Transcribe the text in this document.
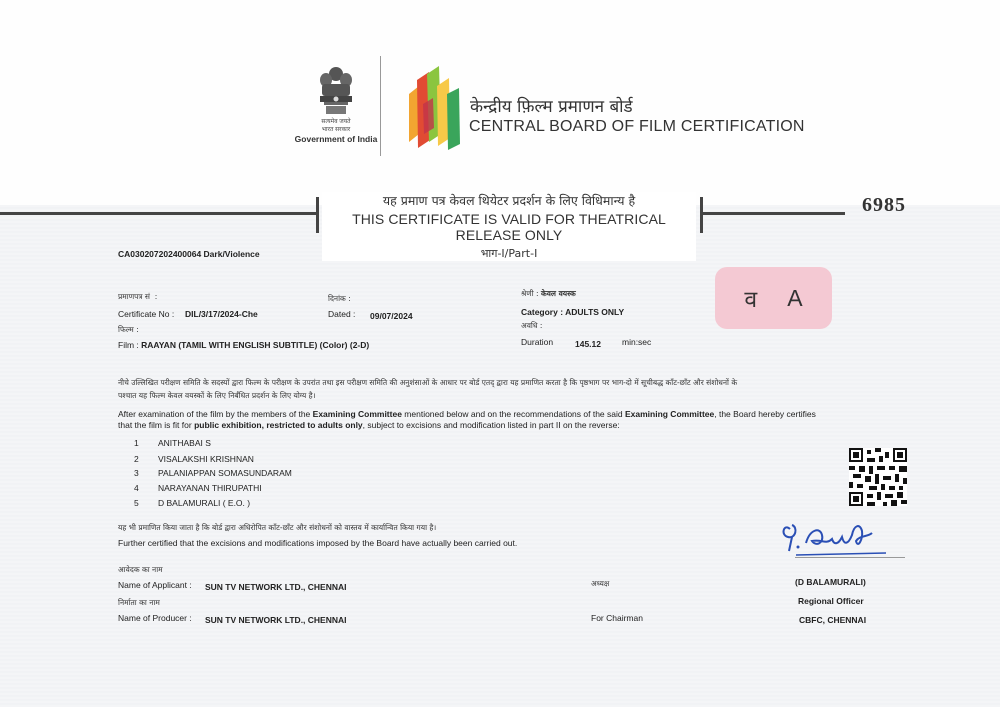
सत्यमेव जयते
भारत सरकार
Government of India
केन्द्रीय फ़िल्म प्रमाणन बोर्ड
CENTRAL BOARD OF FILM CERTIFICATION
यह प्रमाण पत्र केवल थियेटर प्रदर्शन के लिए विधिमान्य है
THIS CERTIFICATE IS VALID FOR THEATRICAL RELEASE ONLY
भाग-I/Part-I
6985
CA030207202400064 Dark/Violence
प्रमाणपत्र सं  :
Certificate No : DIL/3/17/2024-Che
दिनांक :
Dated : 09/07/2024
श्रेणी : केवल वयस्क
Category : ADULTS ONLY
अवधि :
Duration	145.12 min:sec
व A
फिल्म :
Film : RAAYAN (TAMIL WITH ENGLISH SUBTITLE) (Color) (2-D)
नीचे उल्लिखित परीक्षण समिति के सदस्यों द्वारा फिल्म के परीक्षण के उपरांत तथा इस परीक्षण समिति की अनुशंसाओं के आधार पर बोर्ड एतद् द्वारा यह प्रमाणित करता है कि पृष्ठभाग पर भाग-दो में सूचीबद्ध काँट-छाँट और संशोधनों के
पश्चात यह फिल्म केवल वयस्कों के लिए निर्बंधित प्रदर्शन के लिए योग्य है।
After examination of the film by the members of the Examining Committee mentioned below and on the recommendations of the said Examining Committee, the Board hereby certifies
that the film is fit for public exhibition, restricted to adults only, subject to excisions and modification listed in part II on the reverse:
1 ANITHABAI S
2 VISALAKSHI KRISHNAN
3 PALANIAPPAN SOMASUNDARAM
4 NARAYANAN THIRUPATHI
5 D BALAMURALI ( E.O. )
यह भी प्रमाणित किया जाता है कि बोर्ड द्वारा अधिरोपित काँट-छाँट और संशोधनों को वास्तव में कार्यान्वित किया गया है।
Further certified that the excisions and modifications imposed by the Board have actually been carried out.
आवेदक का नाम
Name of Applicant : SUN TV NETWORK LTD., CHENNAI
निर्माता का नाम
Name of Producer : SUN TV NETWORK LTD., CHENNAI
अध्यक्ष
For Chairman
(D BALAMURALI)
Regional Officer
CBFC, CHENNAI
